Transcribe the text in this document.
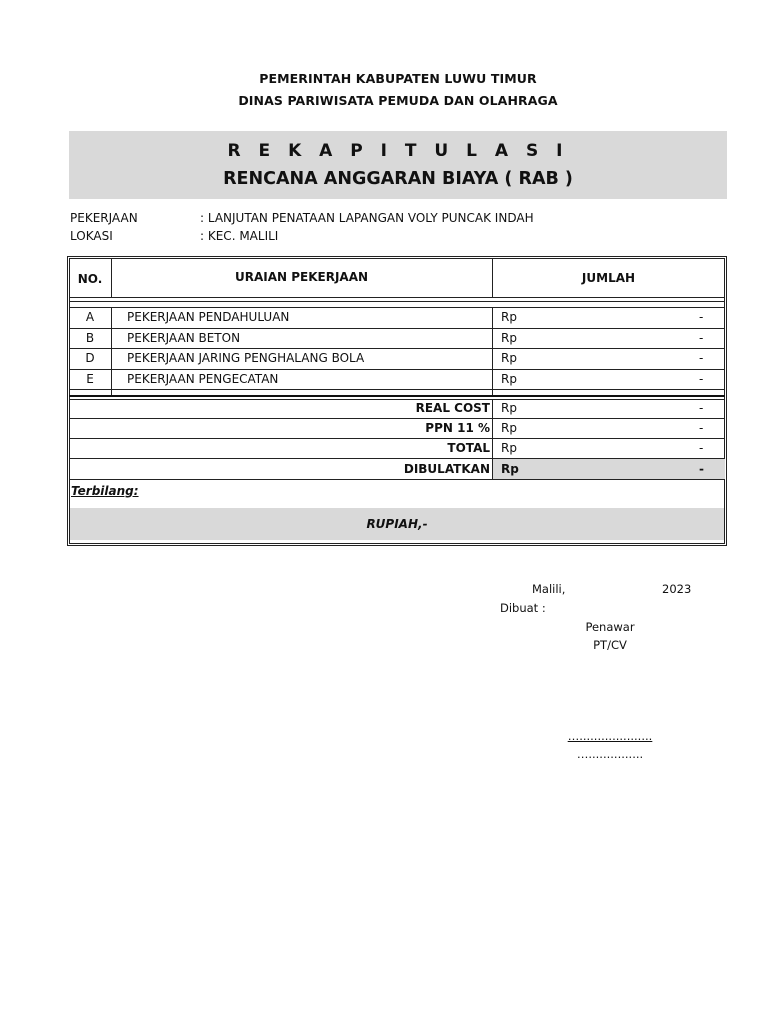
PEMERINTAH KABUPATEN LUWU TIMUR
DINAS PARIWISATA PEMUDA DAN OLAHRAGA
R E K A P I T U L A S I
RENCANA ANGGARAN BIAYA ( RAB )
PEKERJAAN	: LANJUTAN PENATAAN LAPANGAN VOLY PUNCAK INDAH
LOKASI	: KEC. MALILI
NO.	URAIAN PEKERJAAN	JUMLAH
A	PEKERJAAN PENDAHULUAN	Rp	-
B	PEKERJAAN BETON	Rp	-
D	PEKERJAAN JARING PENGHALANG BOLA	Rp	-
E	PEKERJAAN PENGECATAN	Rp	-
REAL COST Rp	-
PPN 11 % Rp	-
TOTAL Rp	-
DIBULATKAN Rp	-
Terbilang:
RUPIAH,-
Malili,	2023
Dibuat :
Penawar
PT/CV
…....................
…...............
